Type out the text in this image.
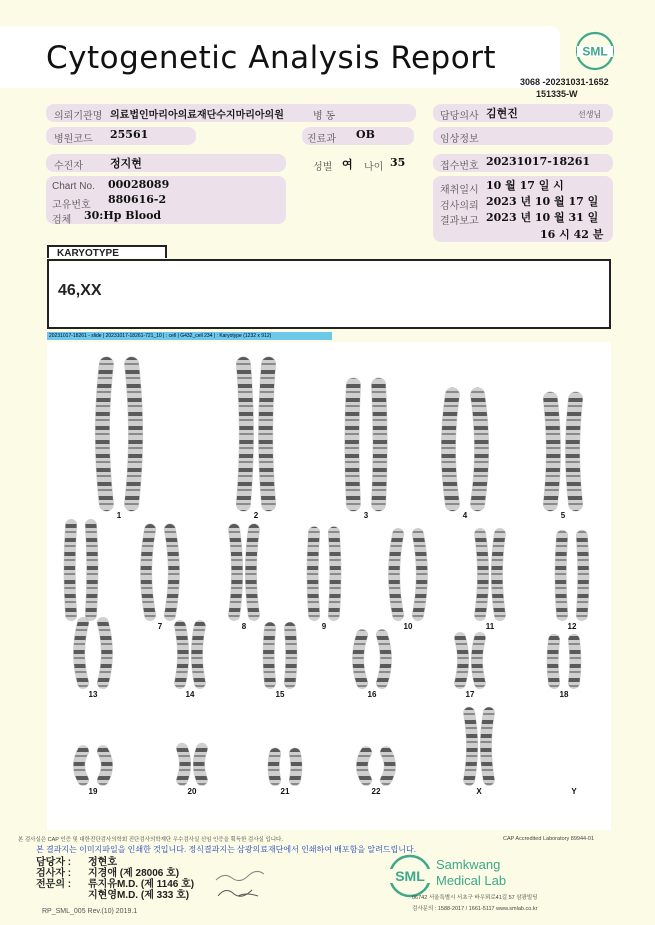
Cytogenetic Analysis Report	SML
3068 -20231031-1652
151335-W
의뢰기관명 의료법인마리아의료재단수지마리아의원	병 동	담당의사 김현진	선생님
병원코드 25561	진료과 OB	임상정보
수진자 정지현	성별 여 나이 35	접수번호 20231017-18261
Chart No. 00028089
고유번호 880616-2
검체 30:Hp Blood
채취일시 10 월 17 일 시
검사의뢰 2023 년 10 월 17 일
결과보고 2023 년 10 월 31 일
16 시 42 분
KARYOTYPE
46,XX
20231017-18261 - slide | 20231017-18261-721_10 | : cell | G432_cell 234 | : Karyotype (1232 x 912)
1	2	3	4	5
6	7	8	9	10	11	12
13	14	15	16	17	18
19	20	21	22	X	Y
본 검사실은 CAP 인증 및 대한진단검사의학회 진단검사의학재단 우수검사실 신임 인증을 획득한 검사실 입니다.	CAP Accredited Laboratory 89944-01
본 결과지는 이미지파일을 인쇄한 것입니다. 정식결과지는 삼광의료재단에서 인쇄하여 배포함을 알려드립니다.
담당자 : 정현호
검사자 : 지경애 (제 28006 호)
전문의 : 류지유M.D. (제 1146 호)
지현영M.D. (제 333 호)
SML
Samkwang
Medical Lab
06742 서울특별시 서초구 바우뫼로41길 57 삼광빌딩
검사문의 : 1588-2017 / 1661-5117 www.smlab.co.kr
RP_SML_005 Rev.(10) 2019.1
